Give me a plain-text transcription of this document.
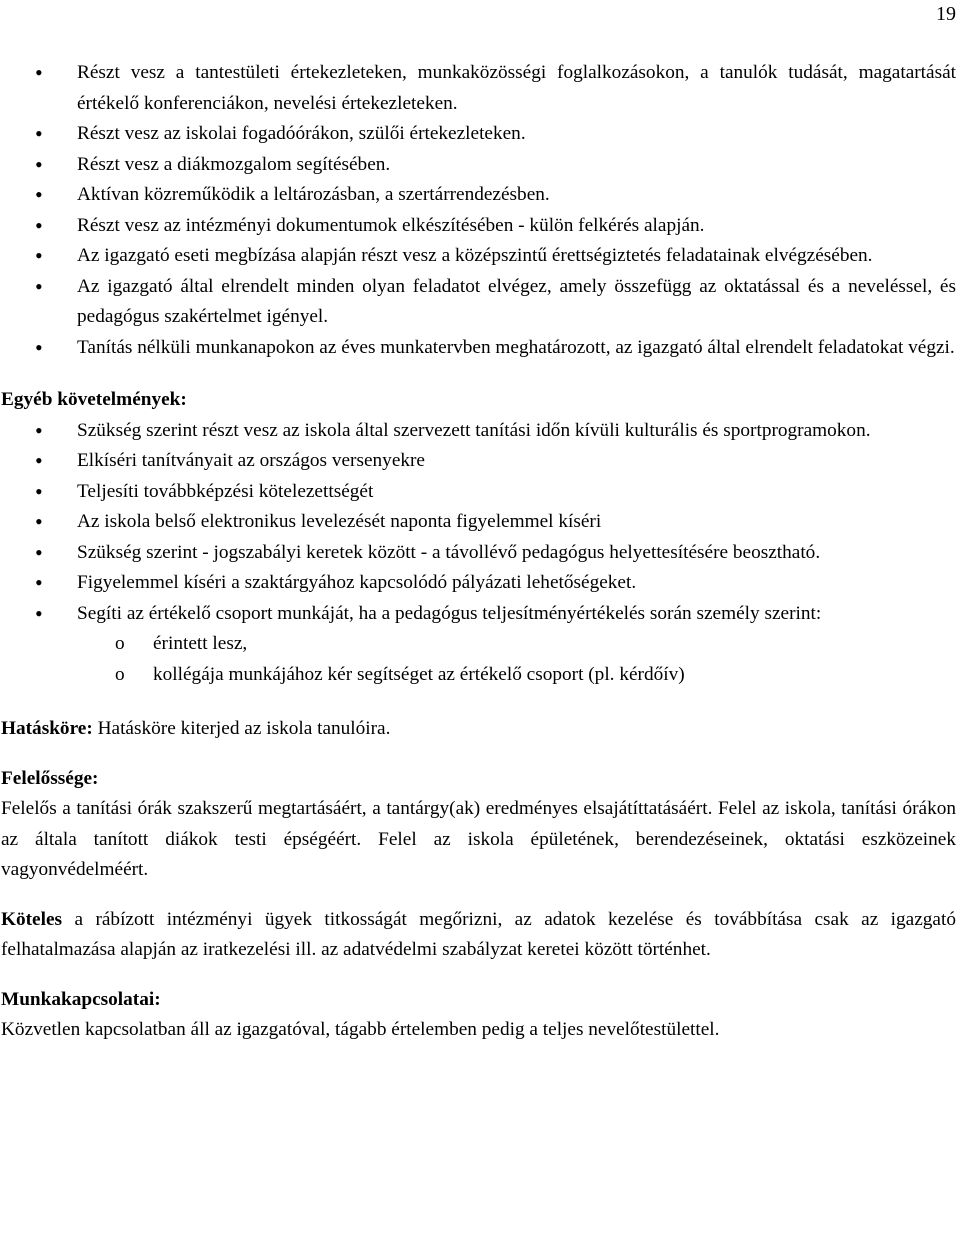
19
• Részt vesz a tantestületi értekezleteken, munkaközösségi foglalkozásokon, a tanulók tudását, magatartását értékelő konferenciákon, nevelési értekezleteken.
• Részt vesz az iskolai fogadóórákon, szülői értekezleteken.
• Részt vesz a diákmozgalom segítésében.
• Aktívan közreműködik a leltározásban, a szertárrendezésben.
• Részt vesz az intézményi dokumentumok elkészítésében - külön felkérés alapján.
• Az igazgató eseti megbízása alapján részt vesz a középszintű érettségiztetés feladatainak elvégzésében.
• Az igazgató által elrendelt minden olyan feladatot elvégez, amely összefügg az oktatással és a neveléssel, és pedagógus szakértelmet igényel.
• Tanítás nélküli munkanapokon az éves munkatervben meghatározott, az igazgató által elrendelt feladatokat végzi.
Egyéb követelmények:
• Szükség szerint részt vesz az iskola által szervezett tanítási időn kívüli kulturális és sportprogramokon.
• Elkíséri tanítványait az országos versenyekre
• Teljesíti továbbképzési kötelezettségét
• Az iskola belső elektronikus levelezését naponta figyelemmel kíséri
• Szükség szerint - jogszabályi keretek között - a távollévő pedagógus helyettesítésére beosztható.
• Figyelemmel kíséri a szaktárgyához kapcsolódó pályázati lehetőségeket.
• Segíti az értékelő csoport munkáját, ha a pedagógus teljesítményértékelés során személy szerint:
o érintett lesz,
o kollégája munkájához kér segítséget az értékelő csoport (pl. kérdőív)
Hatásköre: Hatásköre kiterjed az iskola tanulóira.
Felelőssége:
Felelős a tanítási órák szakszerű megtartásáért, a tantárgy(ak) eredményes elsajátíttatásáért. Felel az iskola, tanítási órákon az általa tanított diákok testi épségéért. Felel az iskola épületének, berendezéseinek, oktatási eszközeinek vagyonvédelméért.
Köteles a rábízott intézményi ügyek titkosságát megőrizni, az adatok kezelése és továbbítása csak az igazgató felhatalmazása alapján az iratkezelési ill. az adatvédelmi szabályzat keretei között történhet.
Munkakapcsolatai:
Közvetlen kapcsolatban áll az igazgatóval, tágabb értelemben pedig a teljes nevelőtestülettel.
